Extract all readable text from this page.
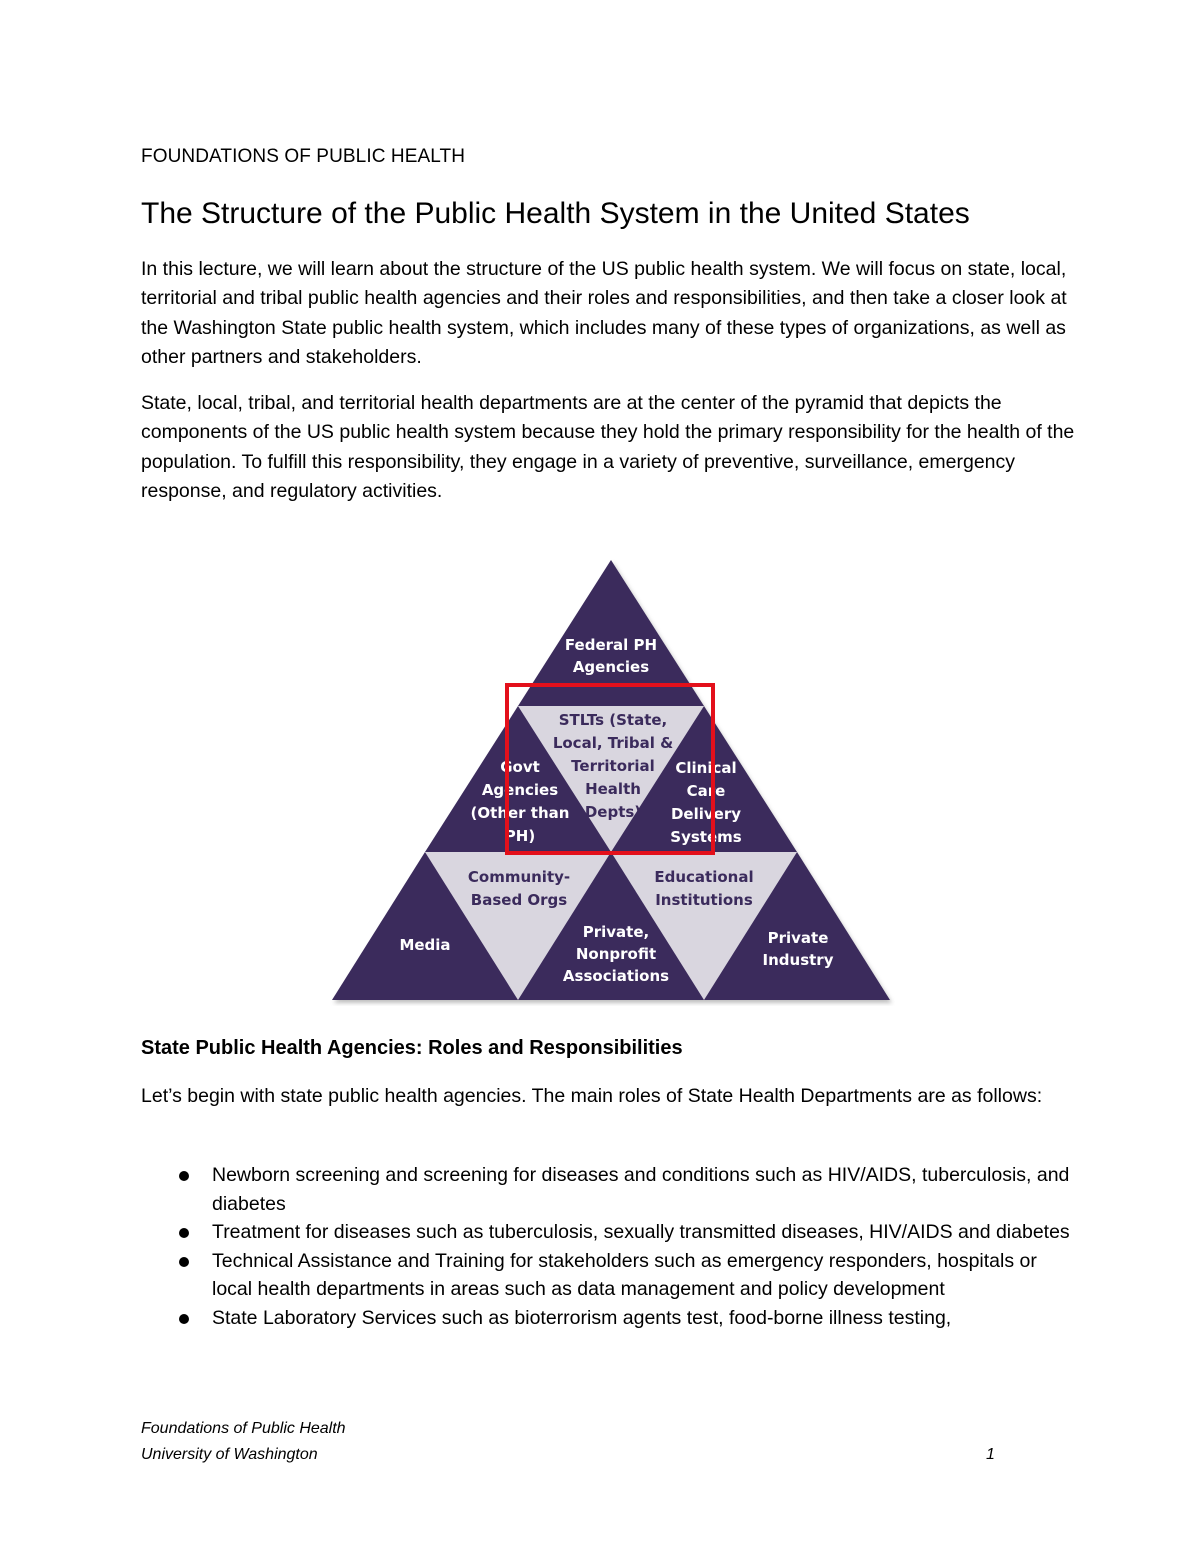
FOUNDATIONS OF PUBLIC HEALTH
The Structure of the Public Health System in the United States

In this lecture, we will learn about the structure of the US public health system. We will focus on state, local, territorial and tribal public health agencies and their roles and responsibilities, and then take a closer look at the Washington State public health system, which includes many of these types of organizations, as well as other partners and stakeholders.

State, local, tribal, and territorial health departments are at the center of the pyramid that depicts the components of the US public health system because they hold the primary responsibility for the health of the population. To fulfill this responsibility, they engage in a variety of preventive, surveillance, emergency response, and regulatory activities.

Federal PH Agencies
STLTs (State, Local, Tribal & Territorial Health Depts)
Govt Agencies (Other than PH)
Clinical Care Delivery Systems
Community-Based Orgs
Educational Institutions
Media
Private, Nonprofit Associations
Private Industry
State Public Health Agencies: Roles and Responsibilities

Let’s begin with state public health agencies. The main roles of State Health Departments are as follows:

Newborn screening and screening for diseases and conditions such as HIV/AIDS, tuberculosis, and diabetes
Treatment for diseases such as tuberculosis, sexually transmitted diseases, HIV/AIDS and diabetes
Technical Assistance and Training for stakeholders such as emergency responders, hospitals or local health departments in areas such as data management and policy development
State Laboratory Services such as bioterrorism agents test, food-borne illness testing,
Foundations of Public Health
University of Washington	1
